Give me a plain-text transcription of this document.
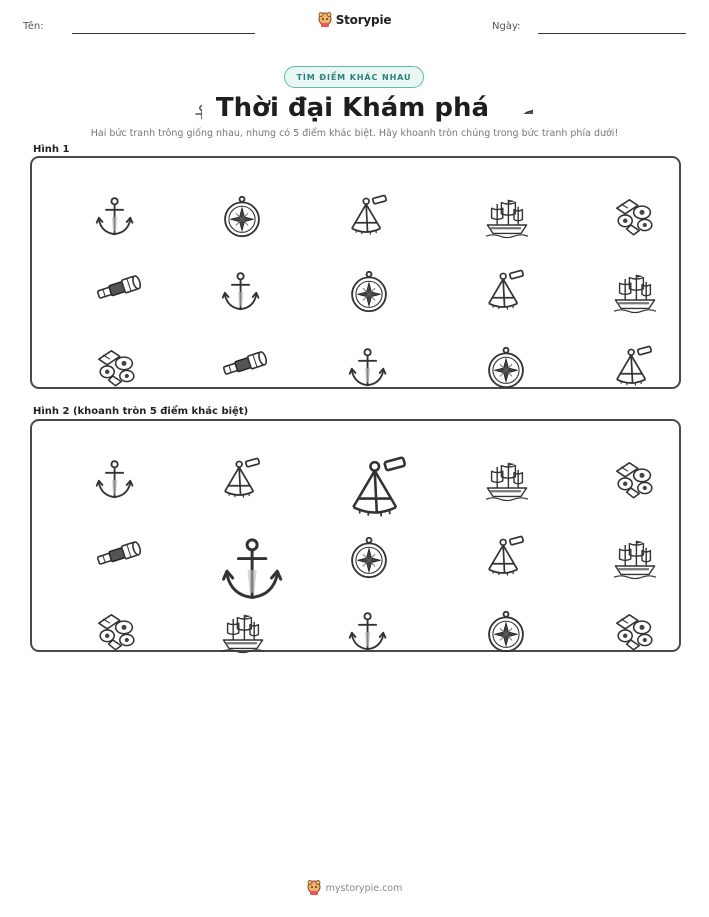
Tên:	Storypie	Ngày:
TÌM ĐIỂM KHÁC NHAU
Thời đại Khám phá
Hai bức tranh trông giống nhau, nhưng có 5 điểm khác biệt. Hãy khoanh tròn chúng trong bức tranh phía dưới!
Hình 1
Hình 2 (khoanh tròn 5 điểm khác biệt)
mystorypie.com
